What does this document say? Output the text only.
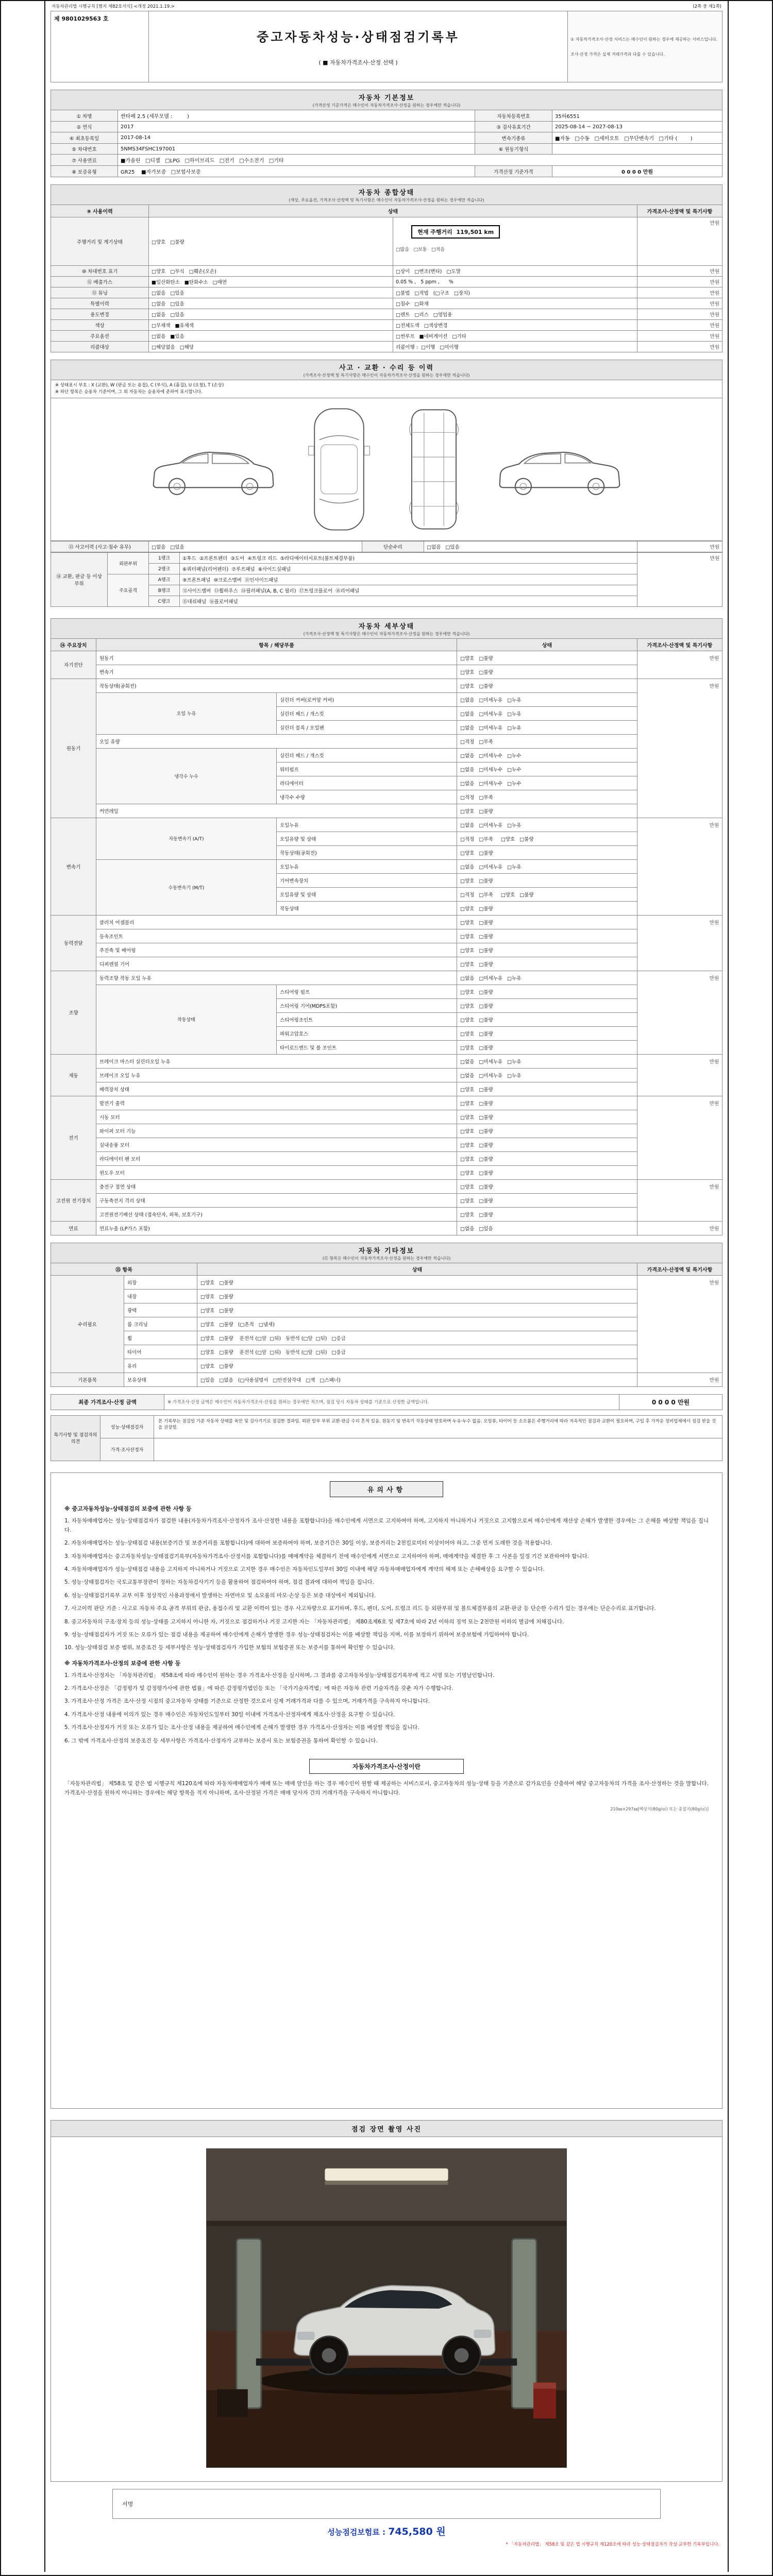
자동차관리법 시행규칙 [별지 제82호서식] <개정 2021.1.19.>	(2쪽 중 제1쪽)
제 9801029563 호	

중고자동차성능·상태점검기록부

( ■ 자동차가격조사·산정 선택 )

① 자동차가격조사·산정 서비스는 매수인이 원하는 경우에 제공하는 서비스입니다.

조사·산정 가격은 실제 거래가격과 다를 수 있습니다.

자동차 기본정보
(가격산정 기준가격은 매수인이 자동차가격조사·산정을 원하는 경우에만 적습니다)
① 차명	싼타페 2.5 (세부모델 :         )	자동차등록번호	35허6551
② 연식	2017	③ 검사유효기간	2025-08-14 ~ 2027-08-13
④ 최초등록일	2017-08-14	변속기종류	■자동   □수동   □세미오토   □무단변속기   □기타 (        )
⑤ 차대번호	5NMS34FSHC197001	⑥ 원동기형식	
⑦ 사용연료	■가솔린   □디젤   □LPG   □하이브리드   □전기   □수소전기   □기타		
⑧ 보증유형	GR25    ■자가보증   □보험사보증	가격산정 기준가격	0 0 0 0 만원
자동차 종합상태
(색상, 주요옵션, 가격조사·산정액 및 특기사항은 매수인이 자동차가격조사·산정을 원하는 경우에만 적습니다)
⑨ 사용이력	상태		가격조사·산정액 및 특기사항
주행거리 및 계기상태	□양호   □불량	현재 주행거리 119,501 km

□많음   □보통   □적음	만원
⑩ 차대번호 표기	□양호   □부식   □훼손(오손)	□상이   □변조(변타)   □도말	만원
⑪ 배출가스	■일산화탄소   ■탄화수소   □매연	0.05 % ,   5 ppm ,      %	만원
⑫ 튜닝	□없음   □있음	□불법   □적법   (□구조   □장치)	만원
특별이력	□없음   □있음	□침수   □화재	만원
용도변경	□없음   □있음	□렌트   □리스   □영업용	만원
색상	□무채색   ■유채색	□전체도색   □색상변경	만원
주요옵션	□없음   ■있음	□썬루프   ■네비게이션   □기타	만원
리콜대상	□해당없음   □해당	리콜이행 :  □이행   □미이행	만원
사고 · 교환 · 수리 등 이력
(가격조사·산정액 및 특기사항은 매수인이 자동차가격조사·산정을 원하는 경우에만 적습니다)
※ 상태표시 부호 : X (교환), W (판금 또는 용접), C (부식), A (흠집), U (요철), T (손상)
※ 하단 항목은 승용차 기준이며, 그 외 자동차는 승용차에 준하여 표시합니다.
⑬ 사고이력 (사고·침수 유무)	□없음   □있음	단순수리	□없음   □있음	만원
⑭ 교환, 판금 등 이상 부위	외판부위	1랭크	①후드  ②프론트펜더  ③도어  ④트렁크 리드  ⑤라디에이터서포트(볼트체결부품)	만원
		2랭크	⑥쿼터패널(리어펜더)  ⑦루프패널  ⑧사이드실패널	
	주요골격	A랭크	⑨프론트패널  ⑩크로스멤버  ⑪인사이드패널	
		B랭크	⑫사이드멤버  ⑬휠하우스  ⑭필러패널(A, B, C 필러)  ⑰트렁크플로어  ⑱리어패널	
		C랭크	⑮대쉬패널  ⑯플로어패널	
자동차 세부상태
(가격조사·산정액 및 특기사항은 매수인이 자동차가격조사·산정을 원하는 경우에만 적습니다)
⑭ 주요장치	항목 / 해당부품		상태	가격조사·산정액 및 특기사항
자기진단	원동기		□양호   □불량	만원
	변속기		□양호   □불량	
원동기	작동상태(공회전)		□양호   □불량	만원
	오일 누유	실린더 커버(로커암 커버)	□없음   □미세누유   □누유	
		실린더 헤드 / 개스킷	□없음   □미세누유   □누유	
		실린더 블록 / 오일팬	□없음   □미세누유   □누유	
	오일 유량		□적정   □부족	
	냉각수 누수	실린더 헤드 / 개스킷	□없음   □미세누수   □누수	
		워터펌프	□없음   □미세누수   □누수	
		라디에이터	□없음   □미세누수   □누수	
		냉각수 수량	□적정   □부족	
	커먼레일		□양호   □불량	
변속기	자동변속기 (A/T)	오일누유	□없음   □미세누유   □누유	만원
		오일유량 및 상태	□적정   □부족     □양호   □불량	
		작동상태(공회전)	□양호   □불량	
	수동변속기 (M/T)	오일누유	□없음   □미세누유   □누유	
		기어변속장치	□양호   □불량	
		오일유량 및 상태	□적정   □부족     □양호   □불량	
		작동상태	□양호   □불량	
동력전달	클러치 어셈블리		□양호   □불량	만원
	등속조인트		□양호   □불량	
	추진축 및 베어링		□양호   □불량	
	디퍼렌셜 기어		□양호   □불량	
조향	동력조향 작동 오일 누유		□없음   □미세누유   □누유	만원
	작동상태	스티어링 펌프	□양호   □불량	
		스티어링 기어(MDPS포함)	□양호   □불량	
		스티어링조인트	□양호   □불량	
		파워고압호스	□양호   □불량	
		타이로드엔드 및 볼 조인트	□양호   □불량	
제동	브레이크 마스터 실린더오일 누유		□없음   □미세누유   □누유	만원
	브레이크 오일 누유		□없음   □미세누유   □누유	
	배력장치 상태		□양호   □불량	
전기	발전기 출력		□양호   □불량	만원
	시동 모터		□양호   □불량	
	와이퍼 모터 기능		□양호   □불량	
	실내송풍 모터		□양호   □불량	
	라디에이터 팬 모터		□양호   □불량	
	윈도우 모터		□양호   □불량	
고전원 전기장치	충전구 절연 상태		□양호   □불량	만원
	구동축전지 격리 상태		□양호   □불량	
	고전원전기배선 상태 (접속단자, 피복, 보호기구)		□양호   □불량	
연료	연료누출 (LP가스 포함)		□없음   □있음	만원
자동차 기타정보
(⑮ 항목은 매수인이 자동차가격조사·산정을 원하는 경우에만 적습니다)
⑮ 항목		상태	가격조사·산정액 및 특기사항
수리필요	외장	□양호   □불량	만원
	내장	□양호   □불량	
	광택	□양호   □불량	
	룸 크리닝	□양호   □불량   (□흔적   □냄새)	
	휠	□양호   □불량    운전석 (□앞  □뒤)   동반석 (□앞  □뒤)   □응급	
	타이어	□양호   □불량    운전석 (□앞  □뒤)   동반석 (□앞  □뒤)   □응급	
	유리	□양호   □불량	
기본품목	보유상태	□있음   □없음   (□사용설명서   □안전삼각대   □잭   □스패너)	만원
최종 가격조사·산정 금액	※ 가격조사·산정 금액은 매수인이 자동차가격조사·산정을 원하는 경우에만 적으며, 점검 당시 자동차 상태를 기준으로 산정한 금액입니다.	0 0 0 0 만원
특기사항 및 점검자의 의견	성능·상태점검자	본 기록부는 점검일 기준 자동차 상태를 육안 및 검사기기로 점검한 결과임. 외판 일부 부위 교환·판금 수리 흔적 있음. 원동기 및 변속기 작동상태 양호하며 누유·누수 없음. 오일류, 타이어 등 소모품은 주행거리에 따라 지속적인 점검과 교환이 필요하며, 구입 후 가까운 정비업체에서 점검 받을 것을 권장함.
	가격·조사산정자	
유의사항
※ 중고자동차성능·상태점검의 보증에 관한 사항 등

1. 자동차매매업자는 성능·상태점검자가 점검한 내용(자동차가격조사·산정자가 조사·산정한 내용을 포함합니다)을 매수인에게 서면으로 고지하여야 하며, 고지하지 아니하거나 거짓으로 고지함으로써 매수인에게 재산상 손해가 발생한 경우에는 그 손해를 배상할 책임을 집니다.

2. 자동차매매업자는 성능·상태점검 내용(보증기간 및 보증거리를 포함합니다)에 대하여 보증하여야 하며, 보증기간은 30일 이상, 보증거리는 2천킬로미터 이상이어야 하고, 그중 먼저 도래한 것을 적용합니다.

3. 자동차매매업자는 중고자동차성능·상태점검기록부(자동차가격조사·산정서를 포함합니다)를 매매계약을 체결하기 전에 매수인에게 서면으로 고지하여야 하며, 매매계약을 체결한 후 그 사본을 일정 기간 보관하여야 합니다.

4. 자동차매매업자가 성능·상태점검 내용을 고지하지 아니하거나 거짓으로 고지한 경우 매수인은 자동차인도일부터 30일 이내에 해당 자동차매매업자에게 계약의 해제 또는 손해배상을 요구할 수 있습니다.

5. 성능·상태점검자는 국토교통부장관이 정하는 자동차검사기기 등을 활용하여 점검하여야 하며, 점검 결과에 대하여 책임을 집니다.

6. 성능·상태점검기록부 교부 이후 정상적인 사용과정에서 발생하는 자연마모 및 소모품의 마모·손상 등은 보증 대상에서 제외됩니다.

7. 사고이력 판단 기준 : 사고로 자동차 주요 골격 부위의 판금, 용접수리 및 교환 이력이 있는 경우 사고차량으로 표기하며, 후드, 펜더, 도어, 트렁크 리드 등 외판부위 및 볼트체결부품의 교환·판금 등 단순한 수리가 있는 경우에는 단순수리로 표기합니다.

8. 중고자동차의 구조·장치 등의 성능·상태를 고지하지 아니한 자, 거짓으로 점검하거나 거짓 고지한 자는 「자동차관리법」 제80조제6호 및 제7호에 따라 2년 이하의 징역 또는 2천만원 이하의 벌금에 처해집니다.

9. 성능·상태점검자가 거짓 또는 오류가 있는 점검 내용을 제공하여 매수인에게 손해가 발생한 경우 성능·상태점검자는 이를 배상할 책임을 지며, 이를 보장하기 위하여 보증보험에 가입하여야 합니다.

10. 성능·상태점검 보증 범위, 보증조건 등 세부사항은 성능·상태점검자가 가입한 보험의 보험증권 또는 보증서를 통하여 확인할 수 있습니다.

※ 자동차가격조사·산정의 보증에 관한 사항 등

1. 가격조사·산정자는 「자동차관리법」 제58조에 따라 매수인이 원하는 경우 가격조사·산정을 실시하며, 그 결과를 중고자동차성능·상태점검기록부에 적고 서명 또는 기명날인합니다.

2. 가격조사·산정은 「감정평가 및 감정평가사에 관한 법률」에 따른 감정평가법인등 또는 「국가기술자격법」에 따른 자동차 관련 기술자격을 갖춘 자가 수행합니다.

3. 가격조사·산정 가격은 조사·산정 시점의 중고자동차 상태를 기준으로 산정한 것으로서 실제 거래가격과 다를 수 있으며, 거래가격을 구속하지 아니합니다.

4. 가격조사·산정 내용에 이의가 있는 경우 매수인은 자동차인도일부터 30일 이내에 가격조사·산정자에게 재조사·산정을 요구할 수 있습니다.

5. 가격조사·산정자가 거짓 또는 오류가 있는 조사·산정 내용을 제공하여 매수인에게 손해가 발생한 경우 가격조사·산정자는 이를 배상할 책임을 집니다.

6. 그 밖에 가격조사·산정의 보증조건 등 세부사항은 가격조사·산정자가 교부하는 보증서 또는 보험증권을 통하여 확인할 수 있습니다.

자동차가격조사·산정이란

「자동차관리법」 제58조 및 같은 법 시행규칙 제120조에 따라 자동차매매업자가 매매 또는 매매 알선을 하는 경우 매수인이 원할 때 제공하는 서비스로서, 중고자동차의 성능·상태 등을 기준으로 감가요인을 산출하여 해당 중고자동차의 가격을 조사·산정하는 것을 말합니다. 가격조사·산정을 원하지 아니하는 경우에는 해당 항목을 적지 아니하며, 조사·산정된 가격은 매매 당사자 간의 거래가격을 구속하지 아니합니다.

210㎜×297㎜[백상지(80g/㎡) 또는 중질지(80g/㎡)]
점검 장면 촬영 사진
서명
성능점검보험료 : 745,580 원
* 「자동차관리법」 제58조 및 같은 법 시행규칙 제120조에 따라 성능·상태점검자가 작성·교부한 기록부입니다.
